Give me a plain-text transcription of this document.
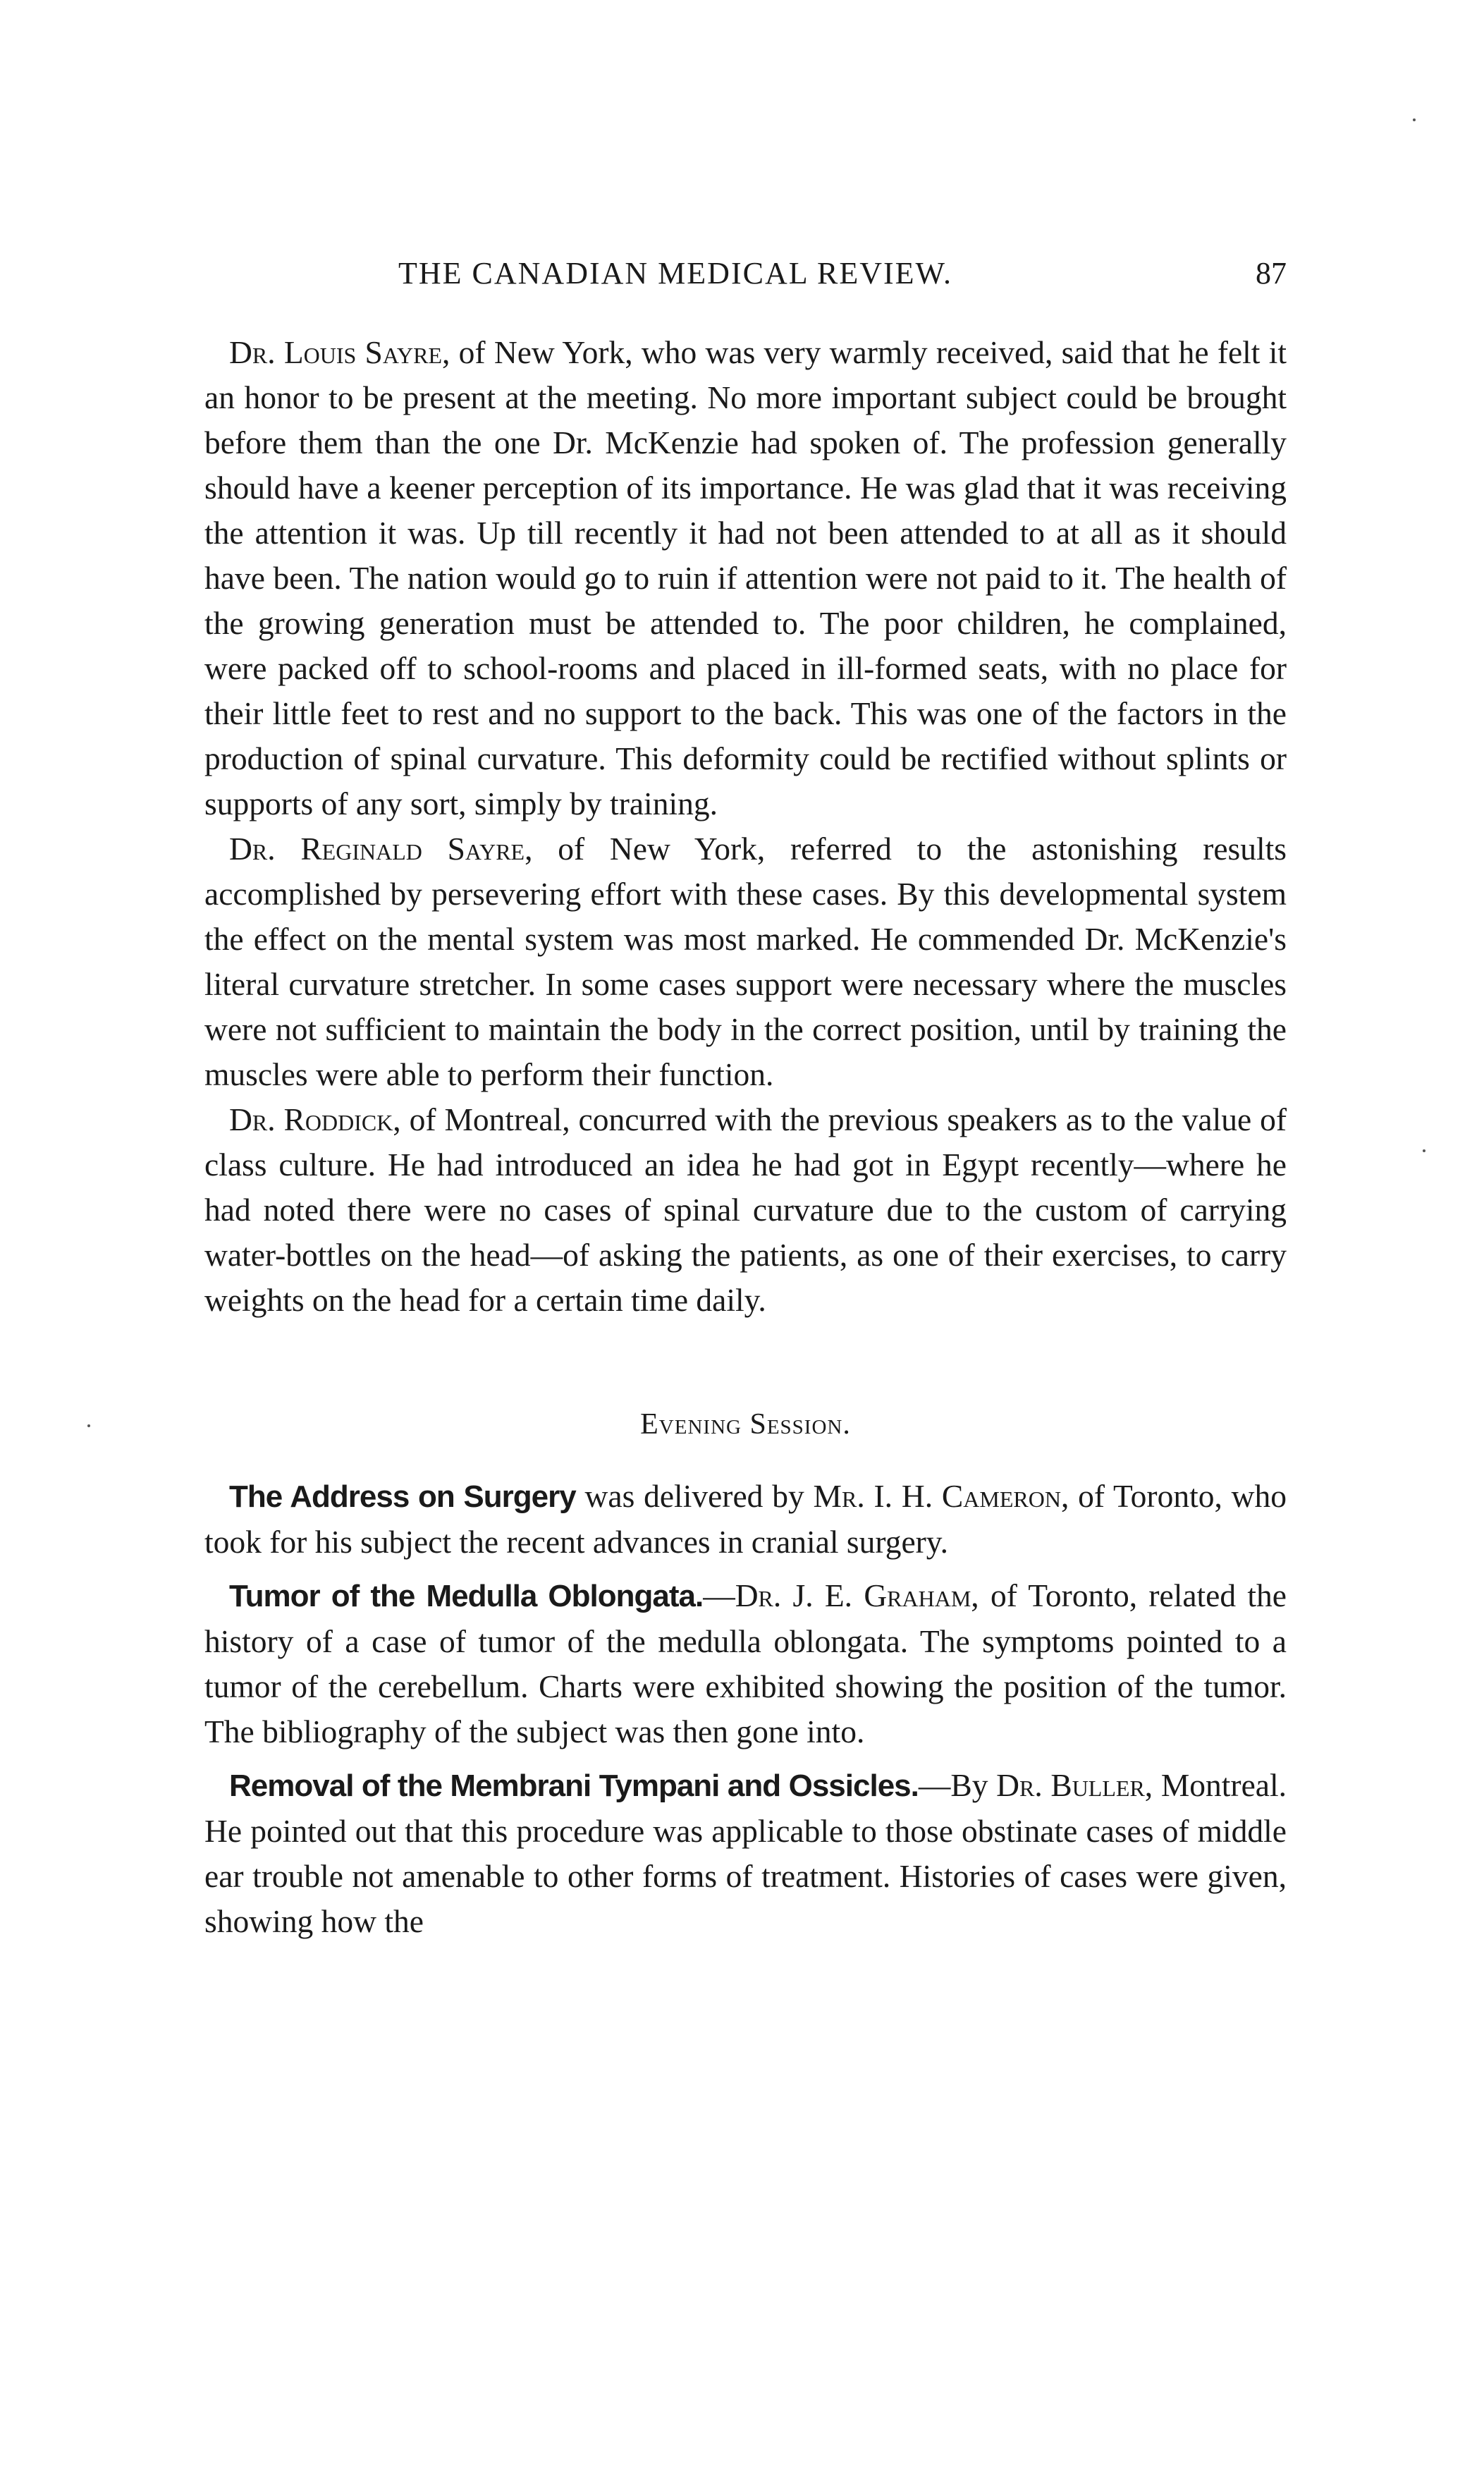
THE CANADIAN MEDICAL REVIEW.	87

Dr. Louis Sayre, of New York, who was very warmly received, said that he felt it an honor to be present at the meeting. No more important subject could be brought before them than the one Dr. McKenzie had spoken of. The profession generally should have a keener perception of its importance. He was glad that it was receiving the attention it was. Up till recently it had not been attended to at all as it should have been. The nation would go to ruin if attention were not paid to it. The health of the growing generation must be attended to. The poor children, he complained, were packed off to school-rooms and placed in ill-formed seats, with no place for their little feet to rest and no support to the back. This was one of the factors in the production of spinal curvature. This deformity could be rectified without splints or supports of any sort, simply by training.

Dr. Reginald Sayre, of New York, referred to the astonishing results accomplished by persevering effort with these cases. By this developmental system the effect on the mental system was most marked. He commended Dr. McKenzie's literal curvature stretcher. In some cases support were necessary where the muscles were not sufficient to maintain the body in the correct position, until by training the muscles were able to perform their function.

Dr. Roddick, of Montreal, concurred with the previous speakers as to the value of class culture. He had introduced an idea he had got in Egypt recently—where he had noted there were no cases of spinal curvature due to the custom of carrying water-bottles on the head—of asking the patients, as one of their exercises, to carry weights on the head for a certain time daily.

Evening Session.

The Address on Surgery was delivered by Mr. I. H. Cameron, of Toronto, who took for his subject the recent advances in cranial surgery.

Tumor of the Medulla Oblongata.—Dr. J. E. Graham, of Toronto, related the history of a case of tumor of the medulla oblongata. The symptoms pointed to a tumor of the cerebellum. Charts were exhibited showing the position of the tumor. The bibliography of the subject was then gone into.

Removal of the Membrani Tympani and Ossicles.—By Dr. Buller, Montreal. He pointed out that this procedure was applicable to those obstinate cases of middle ear trouble not amenable to other forms of treatment. Histories of cases were given, showing how the
